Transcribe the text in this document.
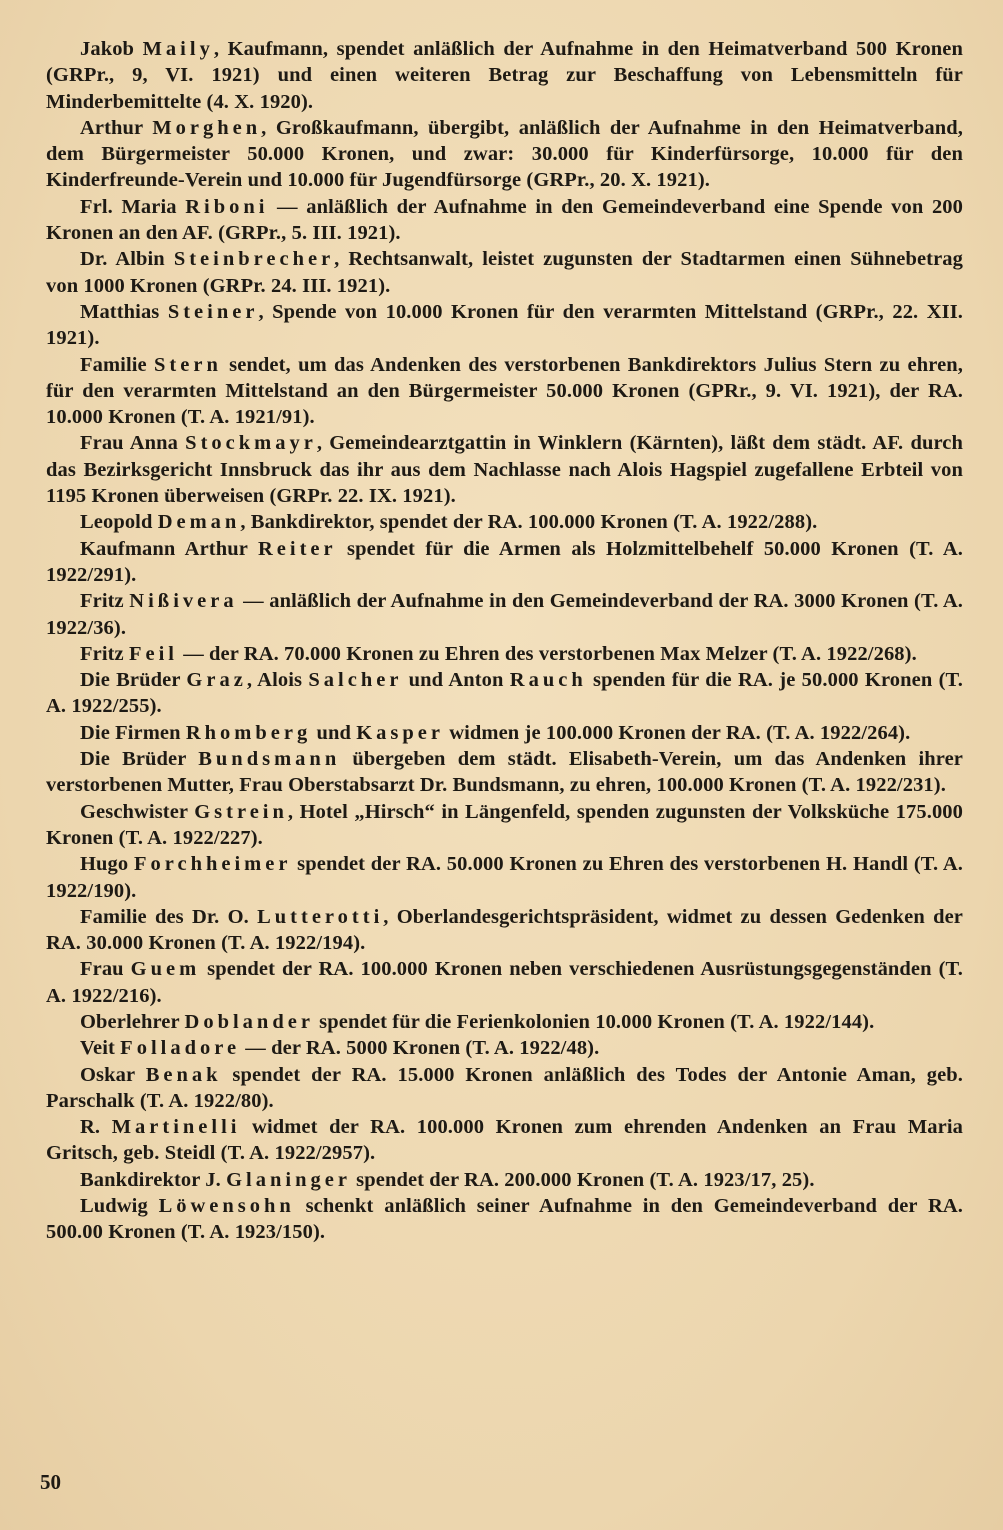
Jakob Maily, Kaufmann, spendet anläßlich der Aufnahme in den Heimatverband 500 Kronen (GRPr., 9, VI. 1921) und einen weiteren Betrag zur Beschaffung von Lebensmitteln für Minderbemittelte (4. X. 1920).

Arthur Morghen, Großkaufmann, übergibt, anläßlich der Aufnahme in den Heimatverband, dem Bürgermeister 50.000 Kronen, und zwar: 30.000 für Kinderfürsorge, 10.000 für den Kinderfreunde-Verein und 10.000 für Jugendfürsorge (GRPr., 20. X. 1921).

Frl. Maria Riboni — anläßlich der Aufnahme in den Gemeindeverband eine Spende von 200 Kronen an den AF. (GRPr., 5. III. 1921).

Dr. Albin Steinbrecher, Rechtsanwalt, leistet zugunsten der Stadtarmen einen Sühnebetrag von 1000 Kronen (GRPr. 24. III. 1921).

Matthias Steiner, Spende von 10.000 Kronen für den verarmten Mittelstand (GRPr., 22. XII. 1921).

Familie Stern sendet, um das Andenken des verstorbenen Bankdirektors Julius Stern zu ehren, für den verarmten Mittelstand an den Bürgermeister 50.000 Kronen (GPRr., 9. VI. 1921), der RA. 10.000 Kronen (T. A. 1921/91).

Frau Anna Stockmayr, Gemeindearztgattin in Winklern (Kärnten), läßt dem städt. AF. durch das Bezirksgericht Innsbruck das ihr aus dem Nachlasse nach Alois Hagspiel zugefallene Erbteil von 1195 Kronen überweisen (GRPr. 22. IX. 1921).

Leopold Deman, Bankdirektor, spendet der RA. 100.000 Kronen (T. A. 1922/288).

Kaufmann Arthur Reiter spendet für die Armen als Holzmittelbehelf 50.000 Kronen (T. A. 1922/291).

Fritz Nißivera — anläßlich der Aufnahme in den Gemeindeverband der RA. 3000 Kronen (T. A. 1922/36).

Fritz Feil — der RA. 70.000 Kronen zu Ehren des verstorbenen Max Melzer (T. A. 1922/268).

Die Brüder Graz, Alois Salcher und Anton Rauch spenden für die RA. je 50.000 Kronen (T. A. 1922/255).

Die Firmen Rhomberg und Kasper widmen je 100.000 Kronen der RA. (T. A. 1922/264).

Die Brüder Bundsmann übergeben dem städt. Elisabeth-Verein, um das Andenken ihrer verstorbenen Mutter, Frau Oberstabsarzt Dr. Bundsmann, zu ehren, 100.000 Kronen (T. A. 1922/231).

Geschwister Gstrein, Hotel „Hirsch“ in Längenfeld, spenden zugunsten der Volksküche 175.000 Kronen (T. A. 1922/227).

Hugo Forchheimer spendet der RA. 50.000 Kronen zu Ehren des verstorbenen H. Handl (T. A. 1922/190).

Familie des Dr. O. Lutterotti, Oberlandesgerichtspräsident, widmet zu dessen Gedenken der RA. 30.000 Kronen (T. A. 1922/194).

Frau Guem spendet der RA. 100.000 Kronen neben verschiedenen Ausrüstungsgegenständen (T. A. 1922/216).

Oberlehrer Doblander spendet für die Ferienkolonien 10.000 Kronen (T. A. 1922/144).

Veit Folladore — der RA. 5000 Kronen (T. A. 1922/48).

Oskar Benak spendet der RA. 15.000 Kronen anläßlich des Todes der Antonie Aman, geb. Parschalk (T. A. 1922/80).

R. Martinelli widmet der RA. 100.000 Kronen zum ehrenden Andenken an Frau Maria Gritsch, geb. Steidl (T. A. 1922/2957).

Bankdirektor J. Glaninger spendet der RA. 200.000 Kronen (T. A. 1923/17, 25).

Ludwig Löwensohn schenkt anläßlich seiner Aufnahme in den Gemeindeverband der RA. 500.00 Kronen (T. A. 1923/150).

50
